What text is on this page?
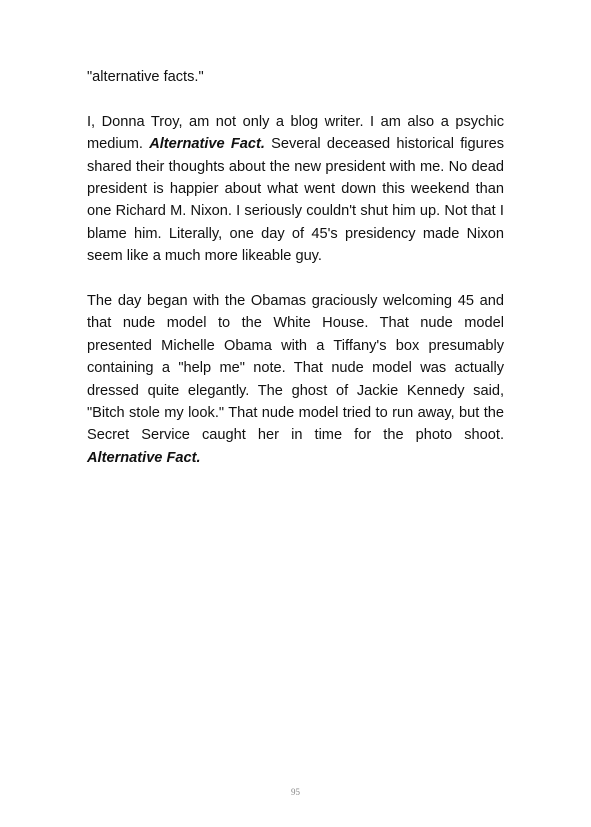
"alternative facts."

I, Donna Troy, am not only a blog writer. I am also a psychic medium. Alternative Fact. Several deceased historical figures shared their thoughts about the new president with me. No dead president is happier about what went down this weekend than one Richard M. Nixon. I seriously couldn't shut him up. Not that I blame him. Literally, one day of 45's presidency made Nixon seem like a much more likeable guy.

The day began with the Obamas graciously welcoming 45 and that nude model to the White House. That nude model presented Michelle Obama with a Tiffany's box presumably containing a "help me" note. That nude model was actually dressed quite elegantly. The ghost of Jackie Kennedy said, "Bitch stole my look." That nude model tried to run away, but the Secret Service caught her in time for the photo shoot. Alternative Fact.

95
